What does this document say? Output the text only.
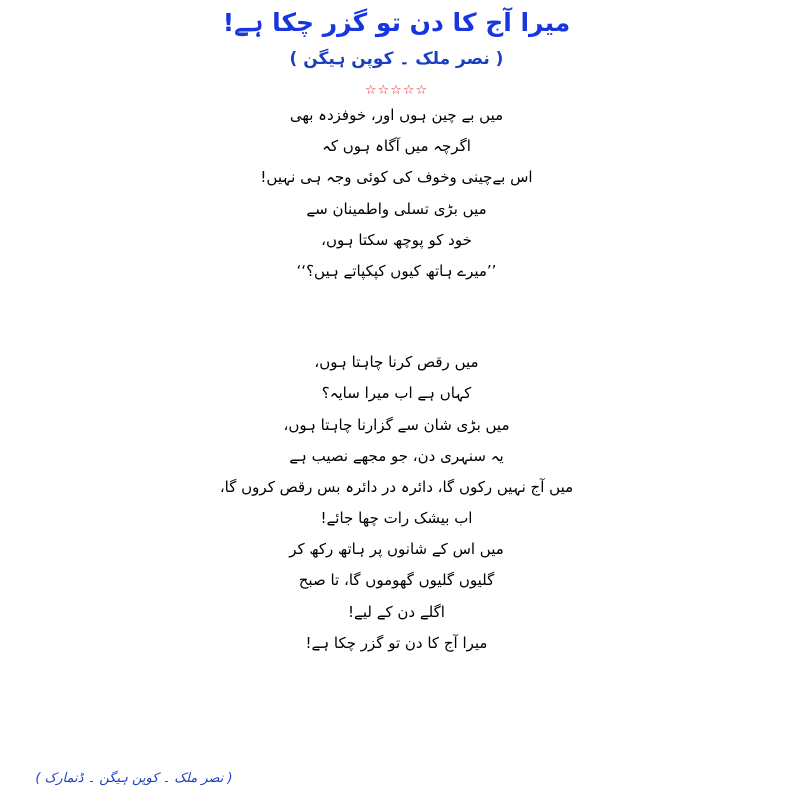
میرا آج کا دن تو گزر چکا ہے!
( نصر ملک ۔ کوپن ہیگن )
☆☆☆☆☆
میں بے چین ہوں اور، خوفزدہ بھی
اگرچہ میں آگاہ ہوں کہ
اس بےچینی وخوف کی کوئی وجہ ہی نہیں!
میں بڑی تسلی واطمینان سے
خود کو پوچھ سکتا ہوں،
’’میرے ہاتھ کیوں کپکپاتے ہیں؟‘‘
میں رقص کرنا چاہتا ہوں،
کہاں ہے اب میرا سایہ؟
میں بڑی شان سے گزارنا چاہتا ہوں،
یہ سنہری دن، جو مجھے نصیب ہے
میں آج نہیں رکوں گا، دائرہ در دائرہ بس رقص کروں گا،
اب بیشک رات چھا جائے!
میں اس کے شانوں پر ہاتھ رکھ کر
گلیوں گلیوں گھوموں گا، تا صبح
اگلے دن کے لیے!
میرا آج کا دن تو گزر چکا ہے!
( نصر ملک ۔ کوپن ہیگن ۔ ڈنمارک )
